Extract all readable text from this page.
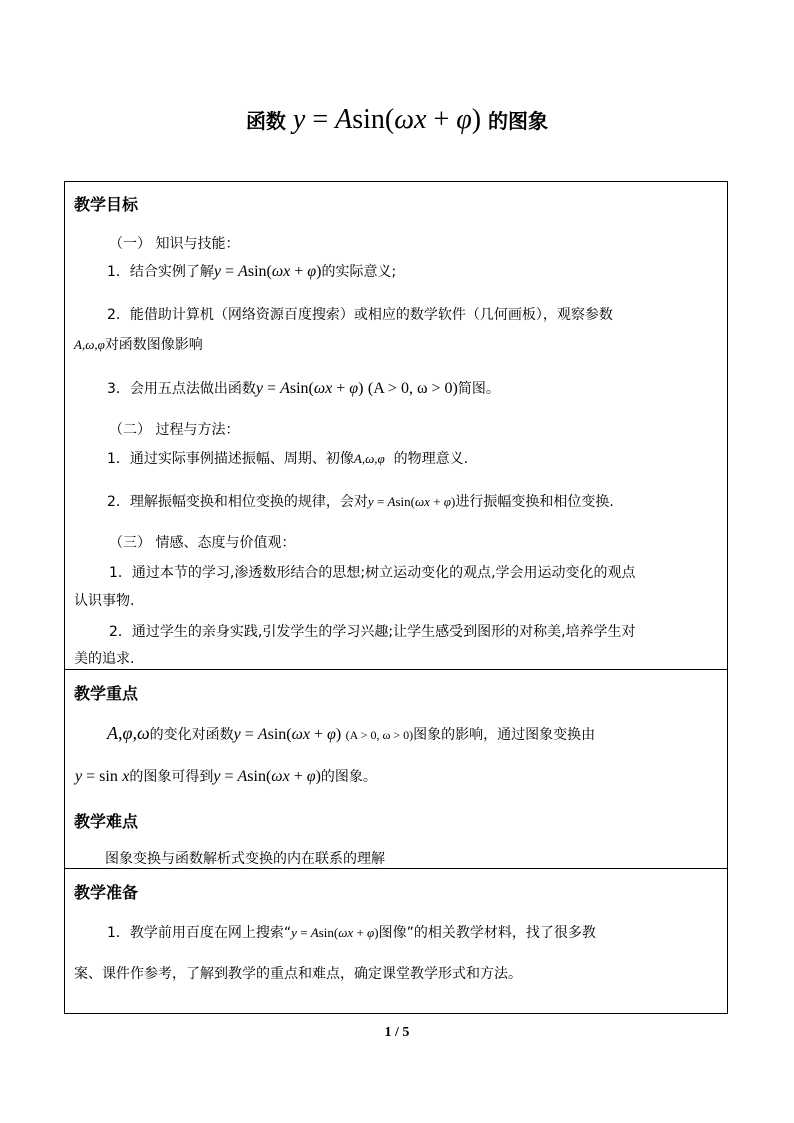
函数 y = Asin(ωx + φ) 的图象
教学目标
（一） 知识与技能：
1．结合实例了解y = Asin(ωx + φ)的实际意义;
2．能借助计算机（网络资源百度搜索）或相应的数学软件（几何画板），观察参数
A,ω,φ对函数图像影响
3．会用五点法做出函数y = Asin(ωx + φ) (A > 0, ω > 0)简图。
（二） 过程与方法：
1．通过实际事例描述振幅、周期、初像A,ω,φ 的物理意义.
2．理解振幅变换和相位变换的规律，会对y = Asin(ωx + φ)进行振幅变换和相位变换.
（三） 情感、态度与价值观：
1．通过本节的学习,渗透数形结合的思想;树立运动变化的观点,学会用运动变化的观点
认识事物.
2．通过学生的亲身实践,引发学生的学习兴趣;让学生感受到图形的对称美,培养学生对
美的追求.
教学重点
A,φ,ω的变化对函数y = Asin(ωx + φ) (A > 0, ω > 0)图象的影响，通过图象变换由
y = sin x的图象可得到y = Asin(ωx + φ)的图象。
教学难点
图象变换与函数解析式变换的内在联系的理解
教学准备
1．教学前用百度在网上搜索“y = Asin(ωx + φ)图像”的相关教学材料，找了很多教
案、课件作参考，了解到教学的重点和难点，确定课堂教学形式和方法。
1 / 5
